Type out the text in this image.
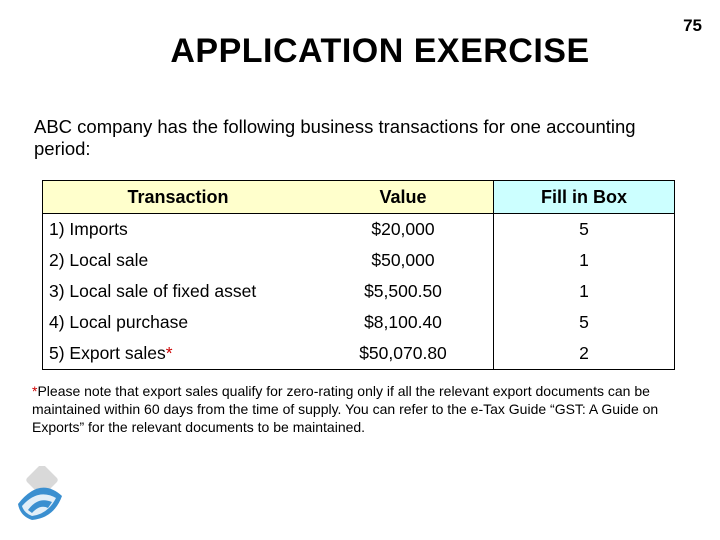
75
APPLICATION EXERCISE
ABC company has the following business transactions for one accounting period:
Transaction	Value	Fill in Box
1) Imports	$20,000	5
2) Local sale	$50,000	1
3) Local sale of fixed asset	$5,500.50	1
4) Local purchase	$8,100.40	5
5) Export sales*	$50,070.80	2
*Please note that export sales qualify for zero-rating only if all the relevant export documents can be maintained within 60 days from the time of supply. You can refer to the e-Tax Guide “GST: A Guide on Exports” for the relevant documents to be maintained.
